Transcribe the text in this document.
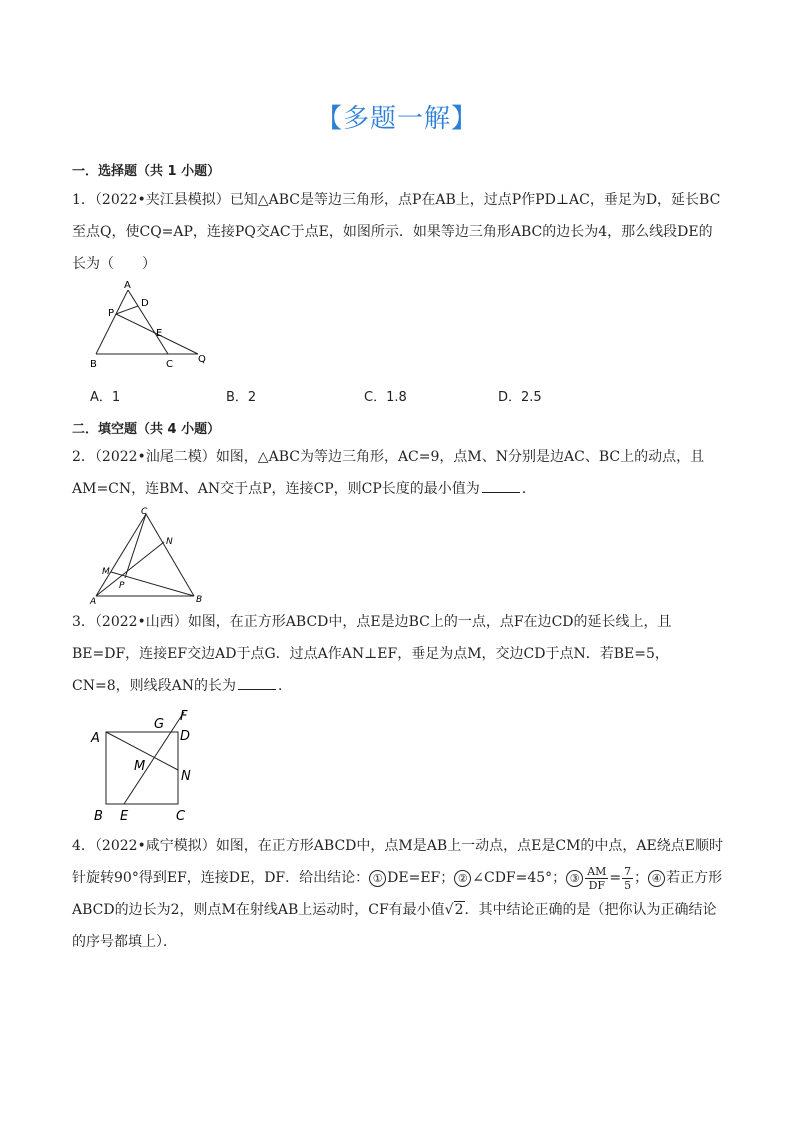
【多题一解】
一．选择题（共 1 小题）
1．（2022•夹江县模拟）已知△ABC是等边三角形，点P在AB上，过点P作PD⊥AC，垂足为D，延长BC至点Q，使CQ=AP，连接PQ交AC于点E，如图所示．如果等边三角形ABC的边长为4，那么线段DE的长为（　　）
A
D
P
E
B	C	Q
A．1	B．2	C．1.8	D．2.5
二．填空题（共 4 小题）
2．（2022•汕尾二模）如图，△ABC为等边三角形，AC=9，点M、N分别是边AC、BC上的动点，且AM=CN，连BM、AN交于点P，连接CP，则CP长度的最小值为	．
C
N
M
P
A	B
3．（2022•山西）如图，在正方形ABCD中，点E是边BC上的一点，点F在边CD的延长线上，且BE=DF，连接EF交边AD于点G．过点A作AN⊥EF，垂足为点M，交边CD于点N．若BE=5，CN=8，则线段AN的长为	．
F
G
A	D
M
N
B E	C
4．（2022•咸宁模拟）如图，在正方形ABCD中，点M是AB上一动点，点E是CM的中点，AE绕点E顺时针旋转90°得到EF，连接DE，DF．给出结论： ① DE=EF； ② ∠CDF=45°； ③ $\frac{AM}{DF} = \frac{7}{5}$ ； ④ 若正方形ABCD的边长为2，则点M在射线AB上运动时，CF有最小值√2．其中结论正确的是（把你认为正确结论的序号都填上）．
